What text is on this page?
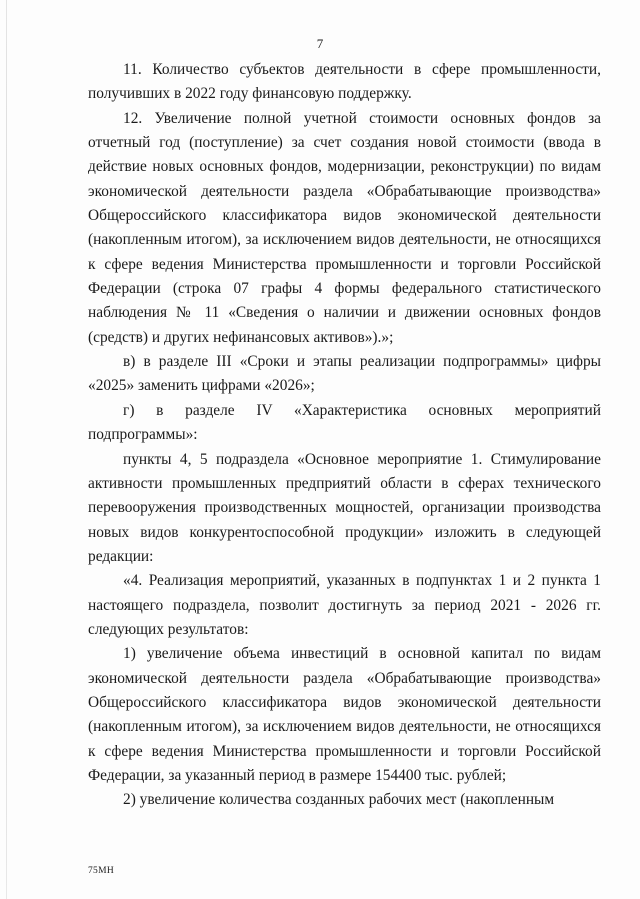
7

11. Количество субъектов деятельности в сфере промышленности, получивших в 2022 году финансовую поддержку.

12. Увеличение полной учетной стоимости основных фондов за отчетный год (поступление) за счет создания новой стоимости (ввода в действие новых основных фондов, модернизации, реконструкции) по видам экономической деятельности раздела «Обрабатывающие производства» Общероссийского классификатора видов экономической деятельности (накопленным итогом), за исключением видов деятельности, не относящихся к сфере ведения Министерства промышленности и торговли Российской Федерации (строка 07 графы 4 формы федерального статистического наблюдения № 11 «Сведения о наличии и движении основных фондов (средств) и других нефинансовых активов»).»;

в) в разделе III «Сроки и этапы реализации подпрограммы» цифры «2025» заменить цифрами «2026»;

г) в разделе IV «Характеристика основных мероприятий подпрограммы»:

пункты 4, 5 подраздела «Основное мероприятие 1. Стимулирование активности промышленных предприятий области в сферах технического перевооружения производственных мощностей, организации производства новых видов конкурентоспособной продукции» изложить в следующей редакции:

«4. Реализация мероприятий, указанных в подпунктах 1 и 2 пункта 1 настоящего подраздела, позволит достигнуть за период 2021 - 2026 гг. следующих результатов:

1) увеличение объема инвестиций в основной капитал по видам экономической деятельности раздела «Обрабатывающие производства» Общероссийского классификатора видов экономической деятельности (накопленным итогом), за исключением видов деятельности, не относящихся к сфере ведения Министерства промышленности и торговли Российской Федерации, за указанный период в размере 154400 тыс. рублей;

2) увеличение количества созданных рабочих мест (накопленным

75МН
